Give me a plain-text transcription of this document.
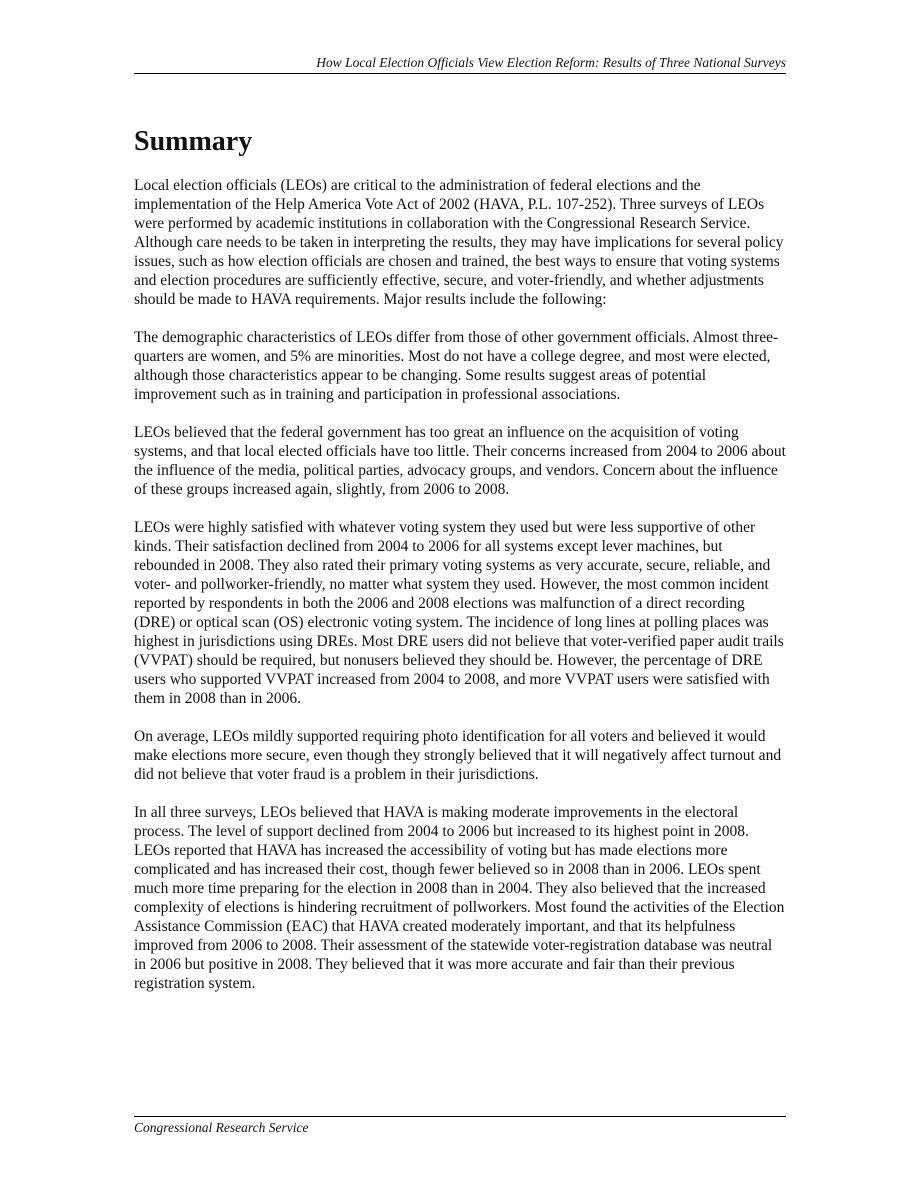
How Local Election Officials View Election Reform: Results of Three National Surveys
Summary

Local election officials (LEOs) are critical to the administration of federal elections and the implementation of the Help America Vote Act of 2002 (HAVA, P.L. 107-252). Three surveys of LEOs were performed by academic institutions in collaboration with the Congressional Research Service. Although care needs to be taken in interpreting the results, they may have implications for several policy issues, such as how election officials are chosen and trained, the best ways to ensure that voting systems and election procedures are sufficiently effective, secure, and voter-friendly, and whether adjustments should be made to HAVA requirements. Major results include the following:

The demographic characteristics of LEOs differ from those of other government officials. Almost three-quarters are women, and 5% are minorities. Most do not have a college degree, and most were elected, although those characteristics appear to be changing. Some results suggest areas of potential improvement such as in training and participation in professional associations.

LEOs believed that the federal government has too great an influence on the acquisition of voting systems, and that local elected officials have too little. Their concerns increased from 2004 to 2006 about the influence of the media, political parties, advocacy groups, and vendors. Concern about the influence of these groups increased again, slightly, from 2006 to 2008.

LEOs were highly satisfied with whatever voting system they used but were less supportive of other kinds. Their satisfaction declined from 2004 to 2006 for all systems except lever machines, but rebounded in 2008. They also rated their primary voting systems as very accurate, secure, reliable, and voter- and pollworker-friendly, no matter what system they used. However, the most common incident reported by respondents in both the 2006 and 2008 elections was malfunction of a direct recording (DRE) or optical scan (OS) electronic voting system. The incidence of long lines at polling places was highest in jurisdictions using DREs. Most DRE users did not believe that voter-verified paper audit trails (VVPAT) should be required, but nonusers believed they should be. However, the percentage of DRE users who supported VVPAT increased from 2004 to 2008, and more VVPAT users were satisfied with them in 2008 than in 2006.

On average, LEOs mildly supported requiring photo identification for all voters and believed it would make elections more secure, even though they strongly believed that it will negatively affect turnout and did not believe that voter fraud is a problem in their jurisdictions.

In all three surveys, LEOs believed that HAVA is making moderate improvements in the electoral process. The level of support declined from 2004 to 2006 but increased to its highest point in 2008. LEOs reported that HAVA has increased the accessibility of voting but has made elections more complicated and has increased their cost, though fewer believed so in 2008 than in 2006. LEOs spent much more time preparing for the election in 2008 than in 2004. They also believed that the increased complexity of elections is hindering recruitment of pollworkers. Most found the activities of the Election Assistance Commission (EAC) that HAVA created moderately important, and that its helpfulness improved from 2006 to 2008. Their assessment of the statewide voter-registration database was neutral in 2006 but positive in 2008. They believed that it was more accurate and fair than their previous registration system.

Congressional Research Service
